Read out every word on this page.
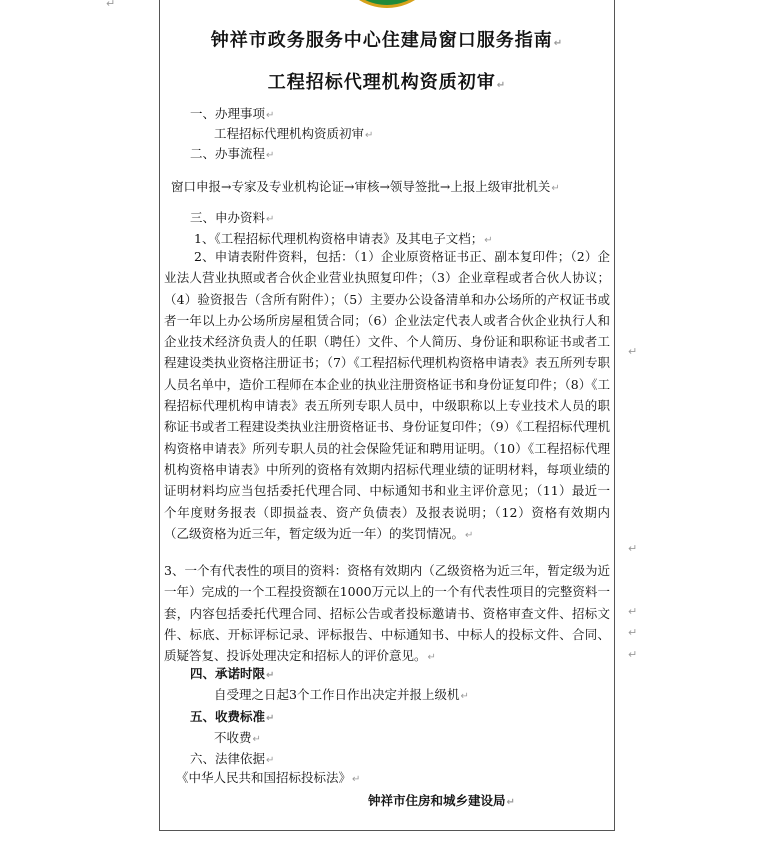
↵
钟祥市政务服务中心住建局窗口服务指南↵
工程招标代理机构资质初审↵
一、办理事项↵
工程招标代理机构资质初审↵
二、办事流程↵
窗口申报→专家及专业机构论证→审核→领导签批→上报上级审批机关↵
三、申办资料↵
1、《工程招标代理机构资格申请表》及其电子文档；↵
2、申请表附件资料，包括：（1）企业原资格证书正、副本复印件；（2）企业法人营业执照或者合伙企业营业执照复印件；（3）企业章程或者合伙人协议；（4）验资报告（含所有附件）；（5）主要办公设备清单和办公场所的产权证书或者一年以上办公场所房屋租赁合同；（6）企业法定代表人或者合伙企业执行人和企业技术经济负责人的任职（聘任）文件、个人简历、身份证和职称证书或者工程建设类执业资格注册证书；（7）《工程招标代理机构资格申请表》表五所列专职人员名单中，造价工程师在本企业的执业注册资格证书和身份证复印件；（8）《工程招标代理机构申请表》表五所列专职人员中，中级职称以上专业技术人员的职称证书或者工程建设类执业注册资格证书、身份证复印件；（9）《工程招标代理机构资格申请表》所列专职人员的社会保险凭证和聘用证明。（10）《工程招标代理机构资格申请表》中所列的资格有效期内招标代理业绩的证明材料，每项业绩的证明材料均应当包括委托代理合同、中标通知书和业主评价意见；（11）最近一个年度财务报表（即损益表、资产负债表）及报表说明；（12）资格有效期内（乙级资格为近三年，暂定级为近一年）的奖罚情况。↵
3、一个有代表性的项目的资料：资格有效期内（乙级资格为近三年，暂定级为近一年）完成的一个工程投资额在1000万元以上的一个有代表性项目的完整资料一套，内容包括委托代理合同、招标公告或者投标邀请书、资格审查文件、招标文件、标底、开标评标记录、评标报告、中标通知书、中标人的投标文件、合同、质疑答复、投诉处理决定和招标人的评价意见。↵
四、承诺时限↵
自受理之日起3个工作日作出决定并报上级机↵
五、收费标准↵
不收费↵
六、法律依据↵
《中华人民共和国招标投标法》↵
钟祥市住房和城乡建设局↵
↵
↵
↵
↵
↵
